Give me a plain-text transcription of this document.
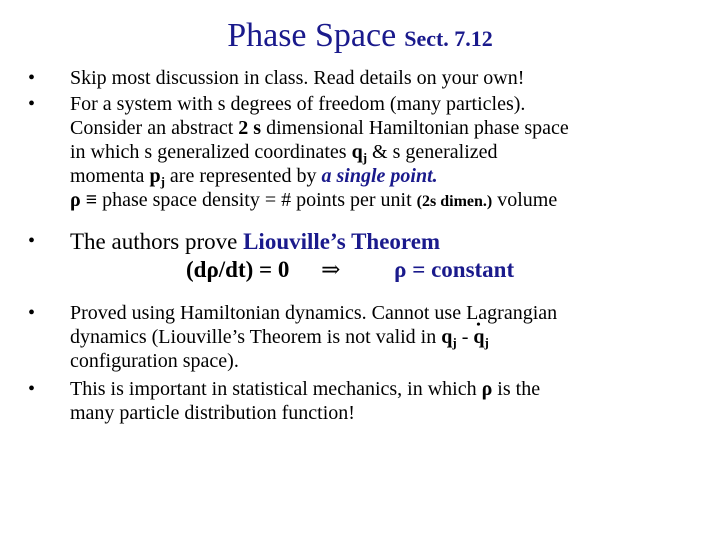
Phase Space Sect. 7.12
• Skip most discussion in class. Read details on your own!
• For a system with s degrees of freedom (many particles).
Consider an abstract 2 s dimensional Hamiltonian phase space
in which s generalized coordinates $q_j$ & s generalized
momenta $p_j$ are represented by a single point.
ρ ≡ phase space density = # points per unit (2s dimen.) volume
• The authors prove Liouville’s Theorem
(dρ/dt) = 0 ⇒ ρ = constant
• Proved using Hamiltonian dynamics. Cannot use Lagrangian
dynamics (Liouville’s Theorem is not valid in $q_j$ - • $q_j$
configuration space).
• This is important in statistical mechanics, in which ρ is the
many particle distribution function!
